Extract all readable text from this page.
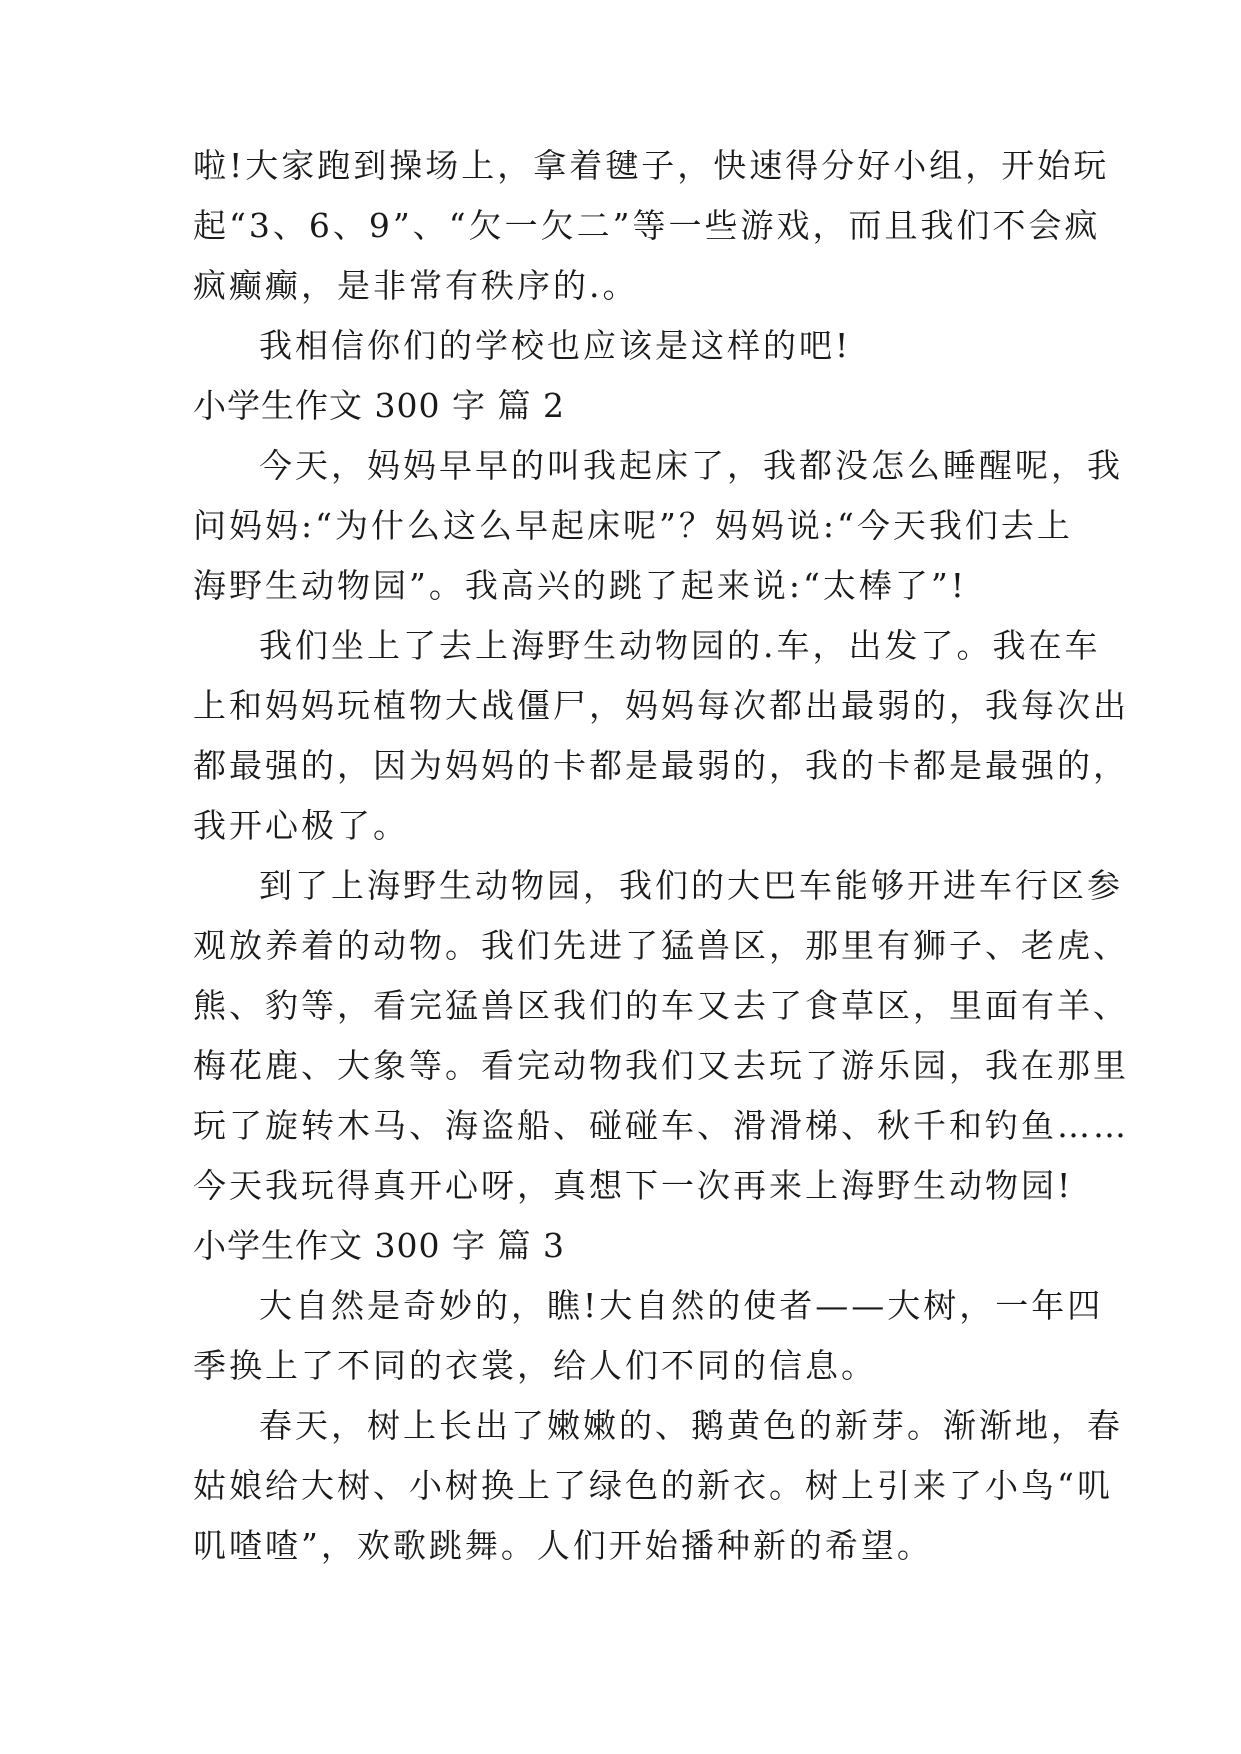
啦!大家跑到操场上，拿着毽子，快速得分好小组，开始玩
起“3、6、9”、“欠一欠二”等一些游戏，而且我们不会疯
疯癫癫，是非常有秩序的.。
我相信你们的学校也应该是这样的吧!
小学生作文 300 字 篇 2
今天，妈妈早早的叫我起床了，我都没怎么睡醒呢，我
问妈妈:“为什么这么早起床呢”？妈妈说:“今天我们去上
海野生动物园”。我高兴的跳了起来说:“太棒了”!
我们坐上了去上海野生动物园的.车，出发了。我在车
上和妈妈玩植物大战僵尸，妈妈每次都出最弱的，我每次出
都最强的，因为妈妈的卡都是最弱的，我的卡都是最强的，
我开心极了。
到了上海野生动物园，我们的大巴车能够开进车行区参
观放养着的动物。我们先进了猛兽区，那里有狮子、老虎、
熊、豹等，看完猛兽区我们的车又去了食草区，里面有羊、
梅花鹿、大象等。看完动物我们又去玩了游乐园，我在那里
玩了旋转木马、海盗船、碰碰车、滑滑梯、秋千和钓鱼……
今天我玩得真开心呀，真想下一次再来上海野生动物园!
小学生作文 300 字 篇 3
大自然是奇妙的，瞧!大自然的使者——大树，一年四
季换上了不同的衣裳，给人们不同的信息。
春天，树上长出了嫩嫩的、鹅黄色的新芽。渐渐地，春
姑娘给大树、小树换上了绿色的新衣。树上引来了小鸟“叽
叽喳喳”，欢歌跳舞。人们开始播种新的希望。
